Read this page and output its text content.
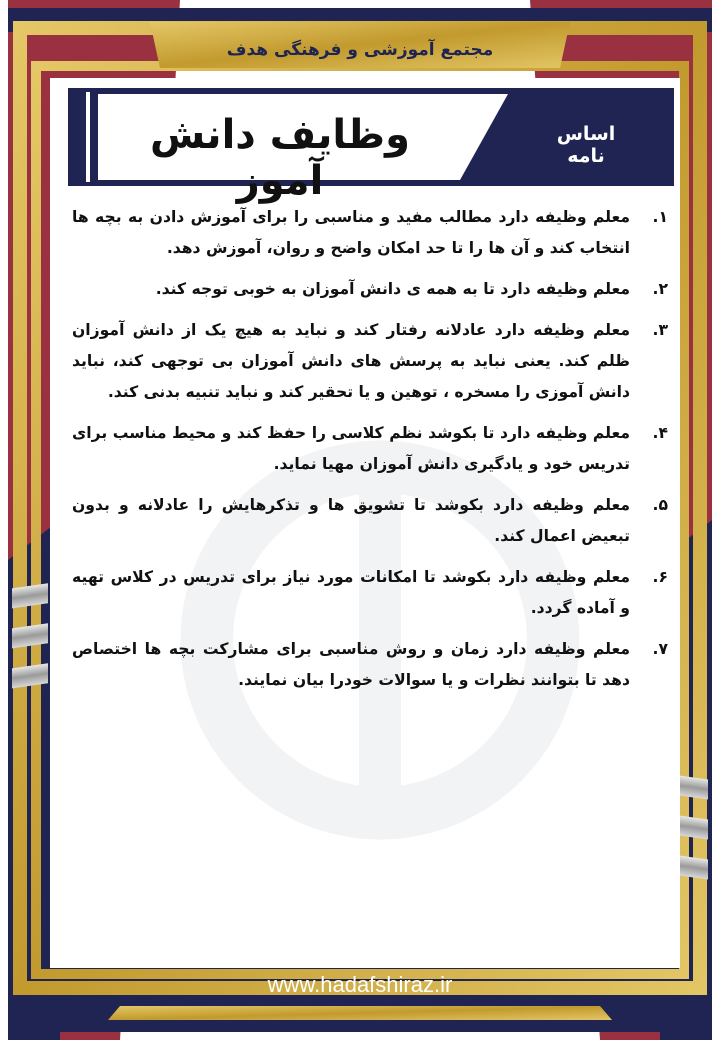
مجتمع آموزشی و فرهنگی هدف
اساس نامه
وظایف دانش آموز
۱.
معلم وظیفه دارد مطالب مفید و مناسبی را برای آموزش دادن به بچه ها انتخاب کند و آن ها را تا حد امکان واضح و روان، آموزش دهد.
۲.
معلم وظیفه دارد تا به همه ی دانش آموزان به خوبی توجه کند.
۳.
معلم وظیفه دارد عادلانه رفتار کند و نباید به هیچ یک از دانش آموزان ظلم کند. یعنی نباید به پرسش های دانش آموزان بی توجهی کند، نباید دانش آموزی را مسخره ، توهین و یا تحقیر کند و نباید تنبیه بدنی کند.
۴.
معلم وظیفه دارد تا بکوشد نظم کلاسی را حفظ کند و محیط مناسب برای تدریس خود و یادگیری دانش آموزان مهیا نماید.
۵.
معلم وظیفه دارد بکوشد تا تشویق ها و تذکرهایش را عادلانه و بدون تبعیض اعمال کند.
۶.
معلم وظیفه دارد بکوشد تا امکانات مورد نیاز برای تدریس در کلاس تهیه و آماده گردد.
۷.
معلم وظیفه دارد زمان و روش مناسبی برای مشارکت بچه ها اختصاص دهد تا بتوانند نظرات و یا سوالات خودرا بیان نمایند.
www.hadafshiraz.ir
